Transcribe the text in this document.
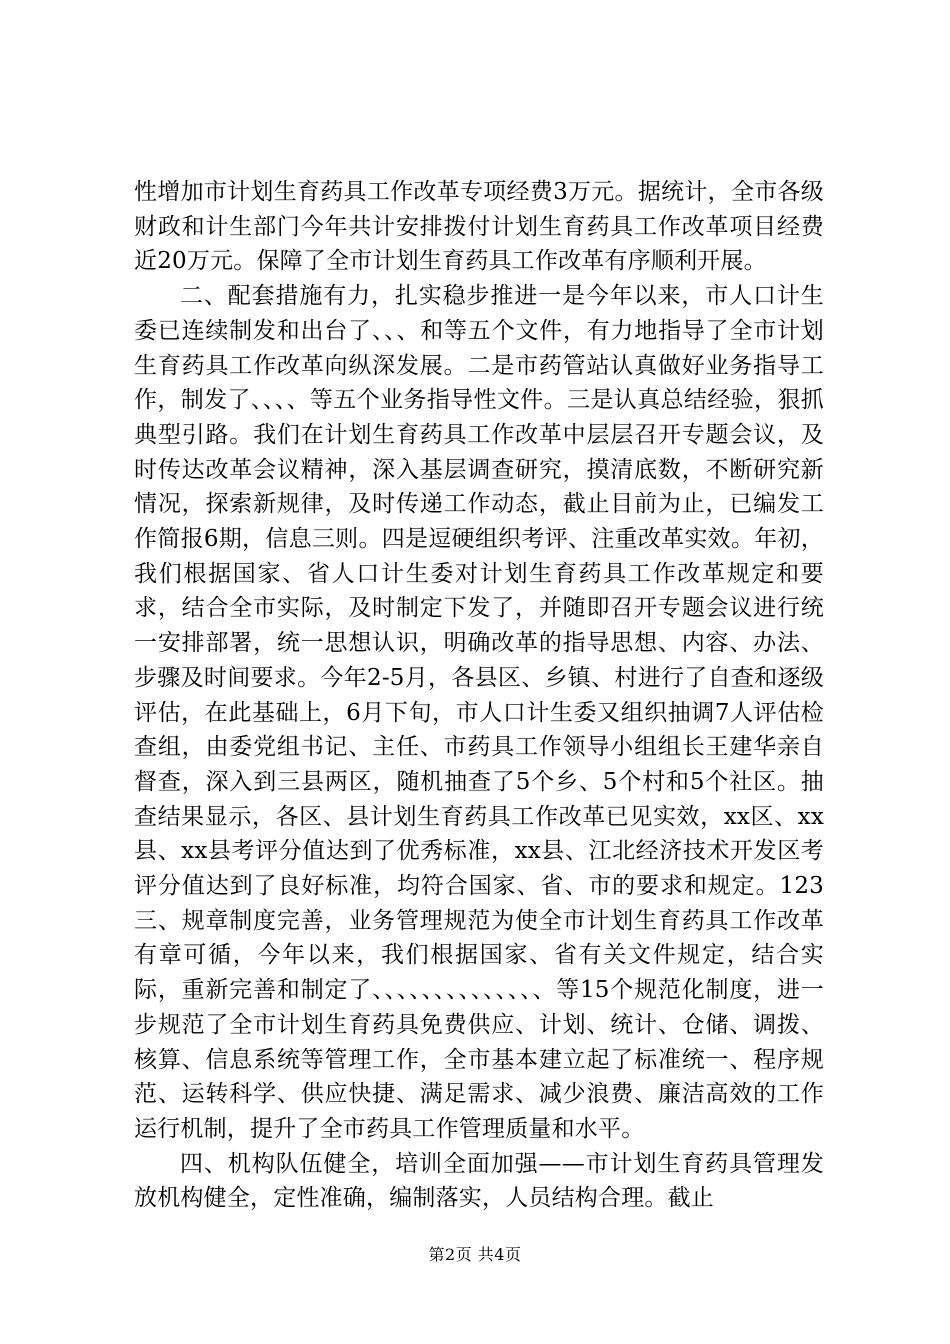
性增加市计划生育药具工作改革专项经费3万元。据统计，全市各级财政和计生部门今年共计安排拨付计划生育药具工作改革项目经费近20万元。保障了全市计划生育药具工作改革有序顺利开展。

二、配套措施有力，扎实稳步推进一是今年以来，市人口计生委已连续制发和出台了、、、和等五个文件，有力地指导了全市计划生育药具工作改革向纵深发展。二是市药管站认真做好业务指导工作，制发了、、、、等五个业务指导性文件。三是认真总结经验，狠抓典型引路。我们在计划生育药具工作改革中层层召开专题会议，及时传达改革会议精神，深入基层调查研究，摸清底数，不断研究新情况，探索新规律，及时传递工作动态，截止目前为止，已编发工作简报6期，信息三则。四是逗硬组织考评、注重改革实效。年初，我们根据国家、省人口计生委对计划生育药具工作改革规定和要求，结合全市实际，及时制定下发了，并随即召开专题会议进行统一安排部署，统一思想认识，明确改革的指导思想、内容、办法、步骤及时间要求。今年2-5月，各县区、乡镇、村进行了自查和逐级评估，在此基础上，6月下旬，市人口计生委又组织抽调7人评估检查组，由委党组书记、主任、市药具工作领导小组组长王建华亲自督查，深入到三县两区，随机抽查了5个乡、5个村和5个社区。抽查结果显示，各区、县计划生育药具工作改革已见实效，xx区、xx县、xx县考评分值达到了优秀标准，xx县、江北经济技术开发区考评分值达到了良好标准，均符合国家、省、市的要求和规定。123三、规章制度完善，业务管理规范为使全市计划生育药具工作改革有章可循，今年以来，我们根据国家、省有关文件规定，结合实际，重新完善和制定了、、、、、、、、、、、、、、等15个规范化制度，进一步规范了全市计划生育药具免费供应、计划、统计、仓储、调拨、核算、信息系统等管理工作，全市基本建立起了标准统一、程序规范、运转科学、供应快捷、满足需求、减少浪费、廉洁高效的工作运行机制，提升了全市药具工作管理质量和水平。

四、机构队伍健全，培训全面加强——市计划生育药具管理发放机构健全，定性准确，编制落实，人员结构合理。截止

第2页 共4页
